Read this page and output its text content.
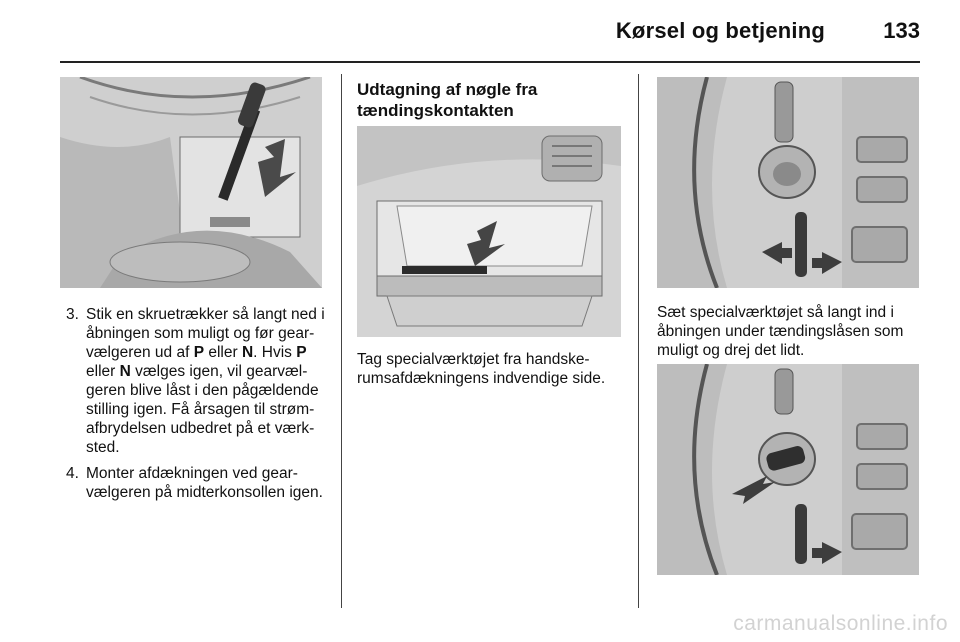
Kørsel og betjening	133
3. Stik en skruetrækker så langt ned i åbningen som muligt og før gear-vælgeren ud af P eller N. Hvis P eller N vælges igen, vil gearvæl-geren blive låst i den pågældende stilling igen. Få årsagen til strøm-afbrydelsen udbedret på et værk-sted.
4. Monter afdækningen ved gear-vælgeren på midterkonsollen igen.
Udtagning af nøgle fra tændingskontakten
Tag specialværktøjet fra handske-rumsafdækningens indvendige side.
Sæt specialværktøjet så langt ind i åbningen under tændingslåsen som muligt og drej det lidt.
carmanualsonline.info
